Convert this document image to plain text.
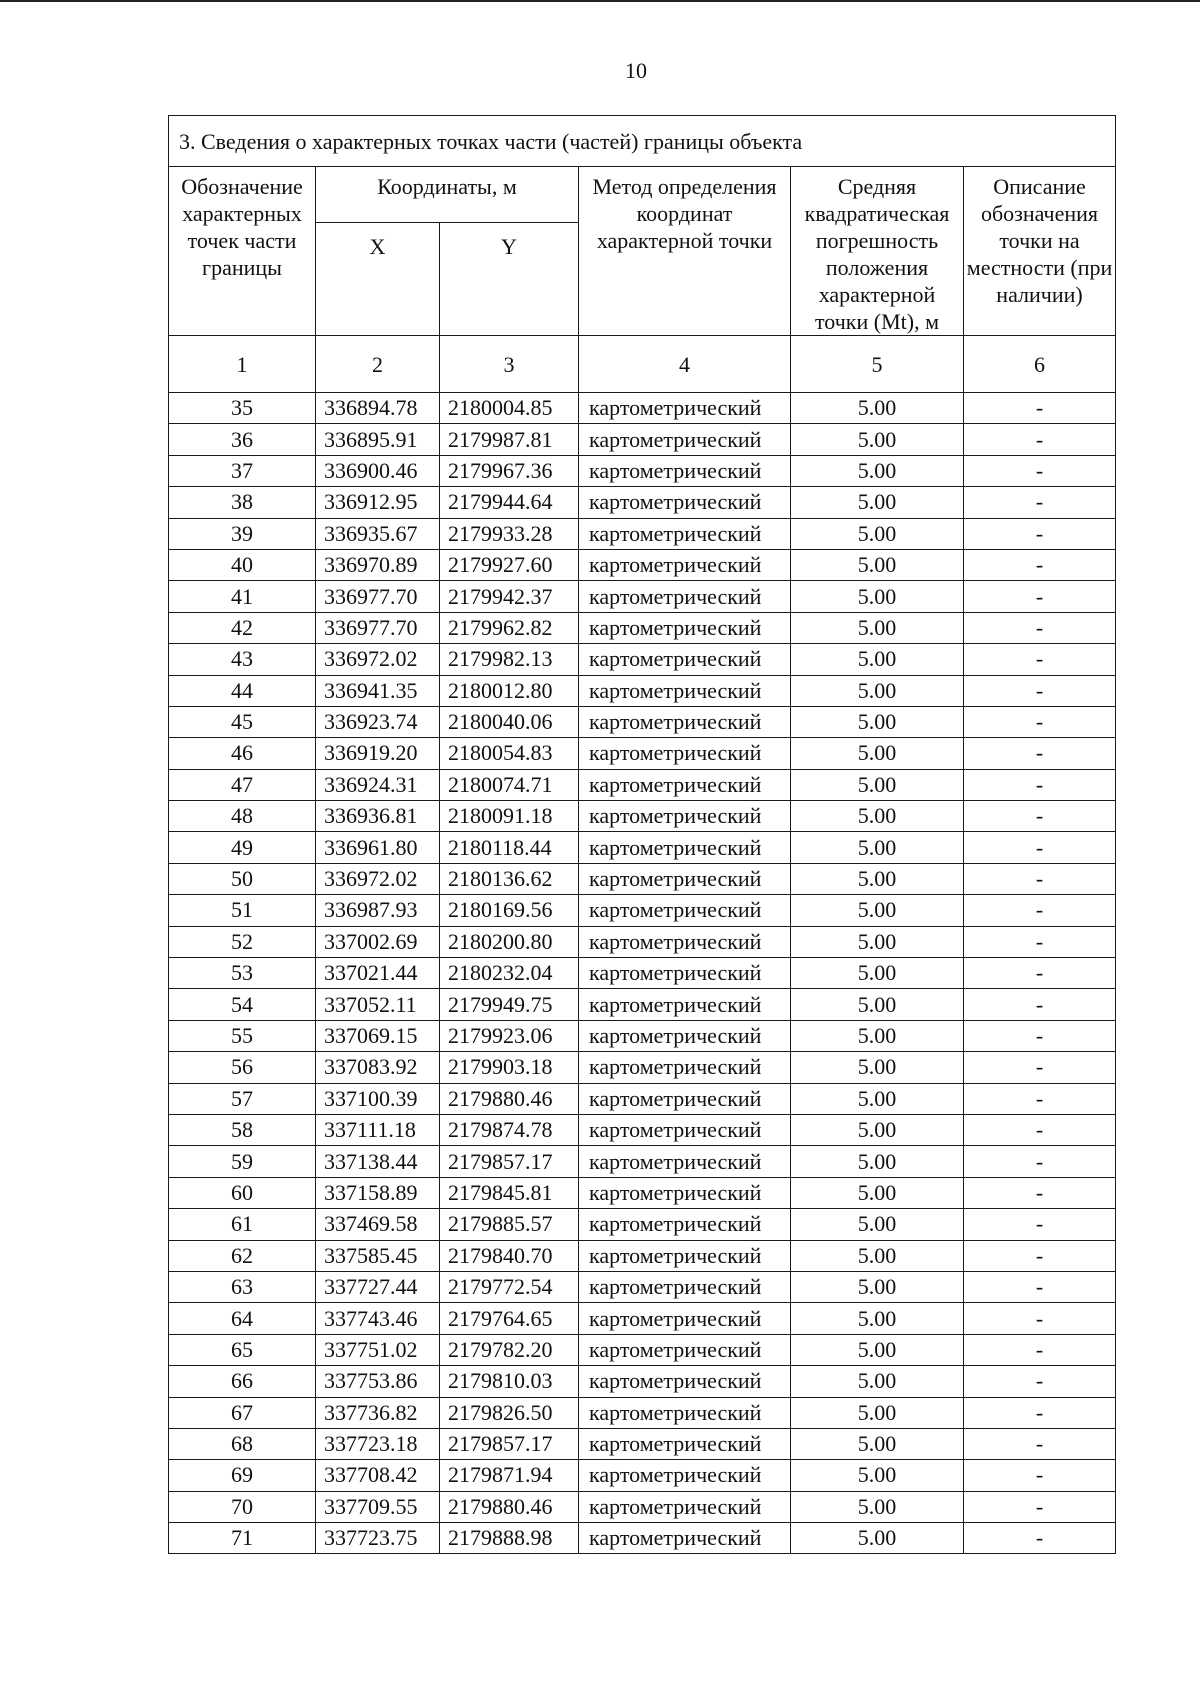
10
3. Сведения о характерных точках части (частей) границы объекта					
Обозначение характерных точек части границы	Координаты, м		Метод определения координат характерной точки	Средняя квадратическая погрешность положения характерной точки (Mt), м	Описание обозначения точки на местности (при наличии)
	X	Y			
1	2	3	4	5	6
35	336894.78	2180004.85	картометрический	5.00	-
36	336895.91	2179987.81	картометрический	5.00	-
37	336900.46	2179967.36	картометрический	5.00	-
38	336912.95	2179944.64	картометрический	5.00	-
39	336935.67	2179933.28	картометрический	5.00	-
40	336970.89	2179927.60	картометрический	5.00	-
41	336977.70	2179942.37	картометрический	5.00	-
42	336977.70	2179962.82	картометрический	5.00	-
43	336972.02	2179982.13	картометрический	5.00	-
44	336941.35	2180012.80	картометрический	5.00	-
45	336923.74	2180040.06	картометрический	5.00	-
46	336919.20	2180054.83	картометрический	5.00	-
47	336924.31	2180074.71	картометрический	5.00	-
48	336936.81	2180091.18	картометрический	5.00	-
49	336961.80	2180118.44	картометрический	5.00	-
50	336972.02	2180136.62	картометрический	5.00	-
51	336987.93	2180169.56	картометрический	5.00	-
52	337002.69	2180200.80	картометрический	5.00	-
53	337021.44	2180232.04	картометрический	5.00	-
54	337052.11	2179949.75	картометрический	5.00	-
55	337069.15	2179923.06	картометрический	5.00	-
56	337083.92	2179903.18	картометрический	5.00	-
57	337100.39	2179880.46	картометрический	5.00	-
58	337111.18	2179874.78	картометрический	5.00	-
59	337138.44	2179857.17	картометрический	5.00	-
60	337158.89	2179845.81	картометрический	5.00	-
61	337469.58	2179885.57	картометрический	5.00	-
62	337585.45	2179840.70	картометрический	5.00	-
63	337727.44	2179772.54	картометрический	5.00	-
64	337743.46	2179764.65	картометрический	5.00	-
65	337751.02	2179782.20	картометрический	5.00	-
66	337753.86	2179810.03	картометрический	5.00	-
67	337736.82	2179826.50	картометрический	5.00	-
68	337723.18	2179857.17	картометрический	5.00	-
69	337708.42	2179871.94	картометрический	5.00	-
70	337709.55	2179880.46	картометрический	5.00	-
71	337723.75	2179888.98	картометрический	5.00	-
